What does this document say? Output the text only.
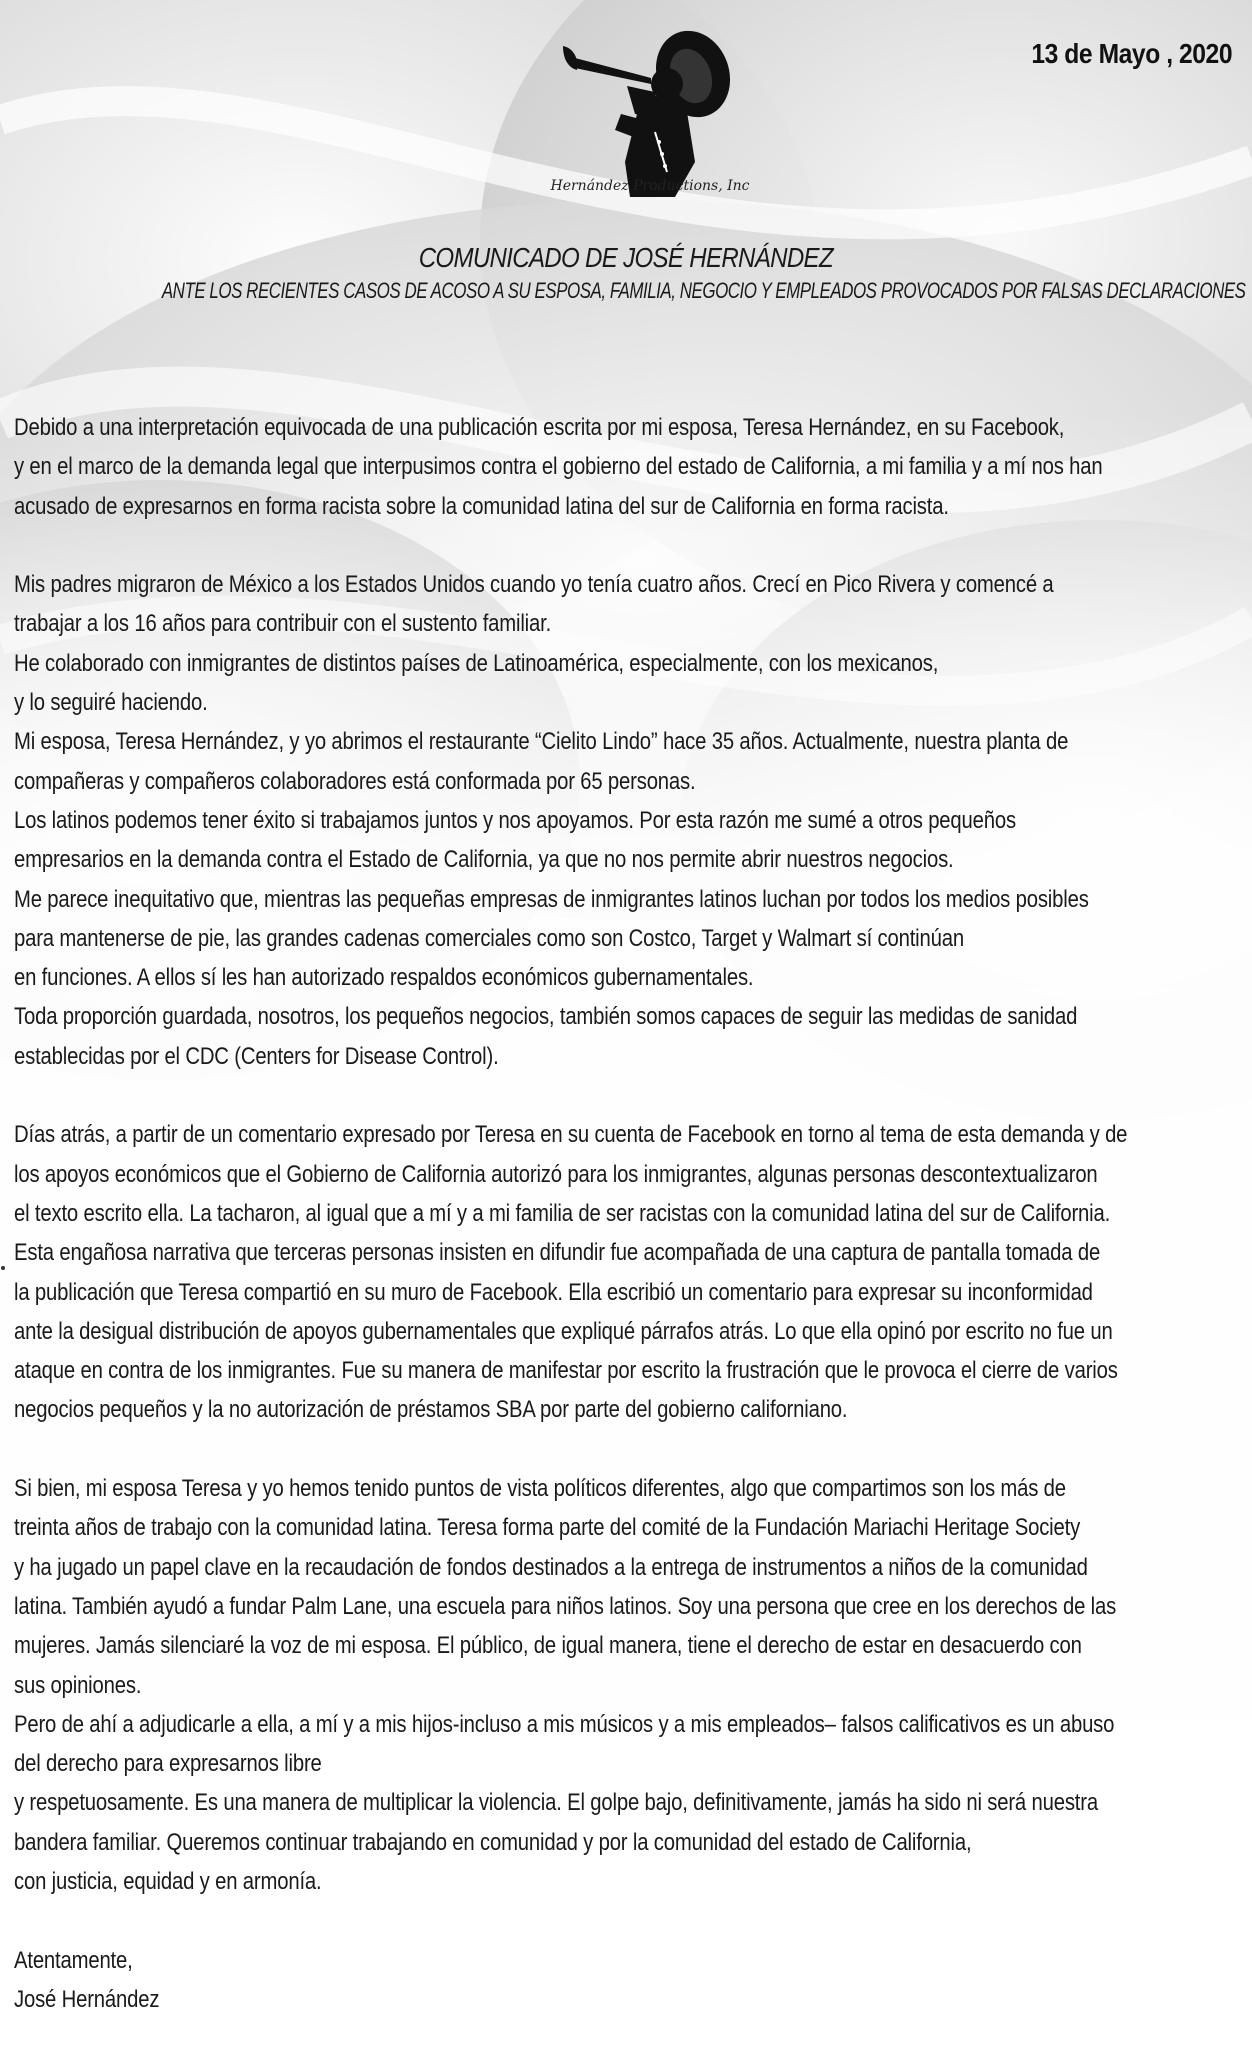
13 de Mayo , 2020
Hernández Productions, Inc
COMUNICADO DE JOSÉ HERNÁNDEZ
ANTE LOS RECIENTES CASOS DE ACOSO A SU ESPOSA, FAMILIA, NEGOCIO Y EMPLEADOS PROVOCADOS POR FALSAS DECLARACIONES
Debido a una interpretación equivocada de una publicación escrita por mi esposa, Teresa Hernández, en su Facebook,
y en el marco de la demanda legal que interpusimos contra el gobierno del estado de California, a mi familia y a mí nos han
acusado de expresarnos en forma racista sobre la comunidad latina del sur de California en forma racista.
Mis padres migraron de México a los Estados Unidos cuando yo tenía cuatro años. Crecí en Pico Rivera y comencé a
trabajar a los 16 años para contribuir con el sustento familiar.
He colaborado con inmigrantes de distintos países de Latinoamérica, especialmente, con los mexicanos,
y lo seguiré haciendo.
Mi esposa, Teresa Hernández, y yo abrimos el restaurante “Cielito Lindo” hace 35 años. Actualmente, nuestra planta de
compañeras y compañeros colaboradores está conformada por 65 personas.
Los latinos podemos tener éxito si trabajamos juntos y nos apoyamos. Por esta razón me sumé a otros pequeños
empresarios en la demanda contra el Estado de California, ya que no nos permite abrir nuestros negocios.
Me parece inequitativo que, mientras las pequeñas empresas de inmigrantes latinos luchan por todos los medios posibles
para mantenerse de pie, las grandes cadenas comerciales como son Costco, Target y Walmart sí continúan
en funciones. A ellos sí les han autorizado respaldos económicos gubernamentales.
Toda proporción guardada, nosotros, los pequeños negocios, también somos capaces de seguir las medidas de sanidad
establecidas por el CDC (Centers for Disease Control).
Días atrás, a partir de un comentario expresado por Teresa en su cuenta de Facebook en torno al tema de esta demanda y de
los apoyos económicos que el Gobierno de California autorizó para los inmigrantes, algunas personas descontextualizaron
el texto escrito ella. La tacharon, al igual que a mí y a mi familia de ser racistas con la comunidad latina del sur de California.
Esta engañosa narrativa que terceras personas insisten en difundir fue acompañada de una captura de pantalla tomada de
la publicación que Teresa compartió en su muro de Facebook. Ella escribió un comentario para expresar su inconformidad
ante la desigual distribución de apoyos gubernamentales que expliqué párrafos atrás. Lo que ella opinó por escrito no fue un
ataque en contra de los inmigrantes. Fue su manera de manifestar por escrito la frustración que le provoca el cierre de varios
negocios pequeños y la no autorización de préstamos SBA por parte del gobierno californiano.
Si bien, mi esposa Teresa y yo hemos tenido puntos de vista políticos diferentes, algo que compartimos son los más de
treinta años de trabajo con la comunidad latina. Teresa forma parte del comité de la Fundación Mariachi Heritage Society
y ha jugado un papel clave en la recaudación de fondos destinados a la entrega de instrumentos a niños de la comunidad
latina. También ayudó a fundar Palm Lane, una escuela para niños latinos. Soy una persona que cree en los derechos de las
mujeres. Jamás silenciaré la voz de mi esposa. El público, de igual manera, tiene el derecho de estar en desacuerdo con
sus opiniones.
Pero de ahí a adjudicarle a ella, a mí y a mis hijos-incluso a mis músicos y a mis empleados– falsos calificativos es un abuso
del derecho para expresarnos libre
y respetuosamente. Es una manera de multiplicar la violencia. El golpe bajo, definitivamente, jamás ha sido ni será nuestra
bandera familiar. Queremos continuar trabajando en comunidad y por la comunidad del estado de California,
con justicia, equidad y en armonía.
Atentamente,
José Hernández
